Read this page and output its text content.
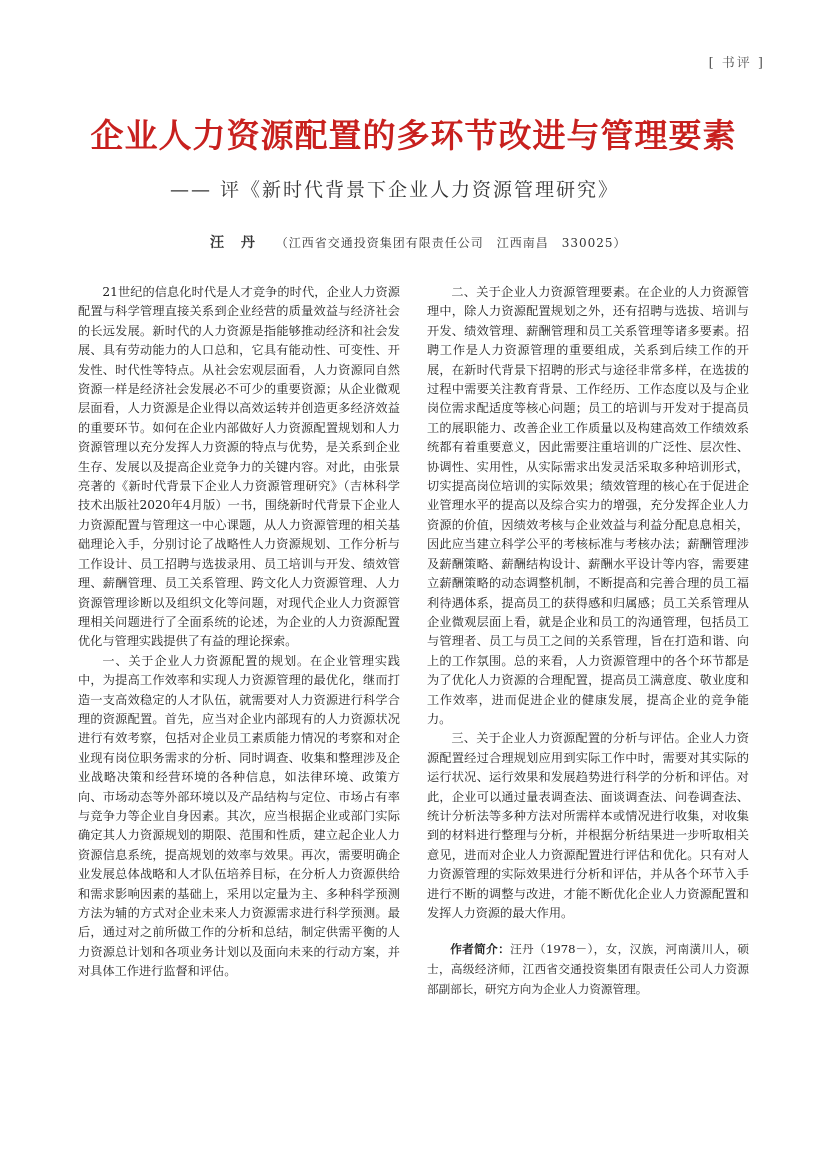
[ 书评 ]
企业人力资源配置的多环节改进与管理要素
—— 评《新时代背景下企业人力资源管理研究》
汪 丹 （江西省交通投资集团有限责任公司　江西南昌　330025）

21世纪的信息化时代是人才竞争的时代，企业人力资源配置与科学管理直接关系到企业经营的质量效益与经济社会的长远发展。新时代的人力资源是指能够推动经济和社会发展、具有劳动能力的人口总和，它具有能动性、可变性、开发性、时代性等特点。从社会宏观层面看，人力资源同自然资源一样是经济社会发展必不可少的重要资源；从企业微观层面看，人力资源是企业得以高效运转并创造更多经济效益的重要环节。如何在企业内部做好人力资源配置规划和人力资源管理以充分发挥人力资源的特点与优势，是关系到企业生存、发展以及提高企业竞争力的关键内容。对此，由张景亮著的《新时代背景下企业人力资源管理研究》（吉林科学技术出版社2020年4月版）一书，围绕新时代背景下企业人力资源配置与管理这一中心课题，从人力资源管理的相关基础理论入手，分别讨论了战略性人力资源规划、工作分析与工作设计、员工招聘与选拔录用、员工培训与开发、绩效管理、薪酬管理、员工关系管理、跨文化人力资源管理、人力资源管理诊断以及组织文化等问题，对现代企业人力资源管理相关问题进行了全面系统的论述，为企业的人力资源配置优化与管理实践提供了有益的理论探索。

一、关于企业人力资源配置的规划。在企业管理实践中，为提高工作效率和实现人力资源管理的最优化，继而打造一支高效稳定的人才队伍，就需要对人力资源进行科学合理的资源配置。首先，应当对企业内部现有的人力资源状况进行有效考察，包括对企业员工素质能力情况的考察和对企业现有岗位职务需求的分析、同时调查、收集和整理涉及企业战略决策和经营环境的各种信息，如法律环境、政策方向、市场动态等外部环境以及产品结构与定位、市场占有率与竞争力等企业自身因素。其次，应当根据企业或部门实际确定其人力资源规划的期限、范围和性质，建立起企业人力资源信息系统，提高规划的效率与效果。再次，需要明确企业发展总体战略和人才队伍培养目标，在分析人力资源供给和需求影响因素的基础上，采用以定量为主、多种科学预测方法为辅的方式对企业未来人力资源需求进行科学预测。最后，通过对之前所做工作的分析和总结，制定供需平衡的人力资源总计划和各项业务计划以及面向未来的行动方案，并对具体工作进行监督和评估。

二、关于企业人力资源管理要素。在企业的人力资源管理中，除人力资源配置规划之外，还有招聘与选拔、培训与开发、绩效管理、薪酬管理和员工关系管理等诸多要素。招聘工作是人力资源管理的重要组成，关系到后续工作的开展，在新时代背景下招聘的形式与途径非常多样，在选拔的过程中需要关注教育背景、工作经历、工作态度以及与企业岗位需求配适度等核心问题；员工的培训与开发对于提高员工的展职能力、改善企业工作质量以及构建高效工作绩效系统都有着重要意义，因此需要注重培训的广泛性、层次性、协调性、实用性，从实际需求出发灵活采取多种培训形式，切实提高岗位培训的实际效果；绩效管理的核心在于促进企业管理水平的提高以及综合实力的增强，充分发挥企业人力资源的价值，因绩效考核与企业效益与利益分配息息相关，因此应当建立科学公平的考核标准与考核办法；薪酬管理涉及薪酬策略、薪酬结构设计、薪酬水平设计等内容，需要建立薪酬策略的动态调整机制，不断提高和完善合理的员工福利待遇体系，提高员工的获得感和归属感；员工关系管理从企业微观层面上看，就是企业和员工的沟通管理，包括员工与管理者、员工与员工之间的关系管理，旨在打造和谐、向上的工作氛围。总的来看，人力资源管理中的各个环节都是为了优化人力资源的合理配置，提高员工满意度、敬业度和工作效率，进而促进企业的健康发展，提高企业的竞争能力。

三、关于企业人力资源配置的分析与评估。企业人力资源配置经过合理规划应用到实际工作中时，需要对其实际的运行状况、运行效果和发展趋势进行科学的分析和评估。对此，企业可以通过量表调查法、面谈调查法、问卷调查法、统计分析法等多种方法对所需样本或情况进行收集，对收集到的材料进行整理与分析，并根据分析结果进一步听取相关意见，进而对企业人力资源配置进行评估和优化。只有对人力资源管理的实际效果进行分析和评估，并从各个环节入手进行不断的调整与改进，才能不断优化企业人力资源配置和发挥人力资源的最大作用。

作者简介：汪丹（1978－），女，汉族，河南潢川人，硕士，高级经济师，江西省交通投资集团有限责任公司人力资源部副部长，研究方向为企业人力资源管理。
